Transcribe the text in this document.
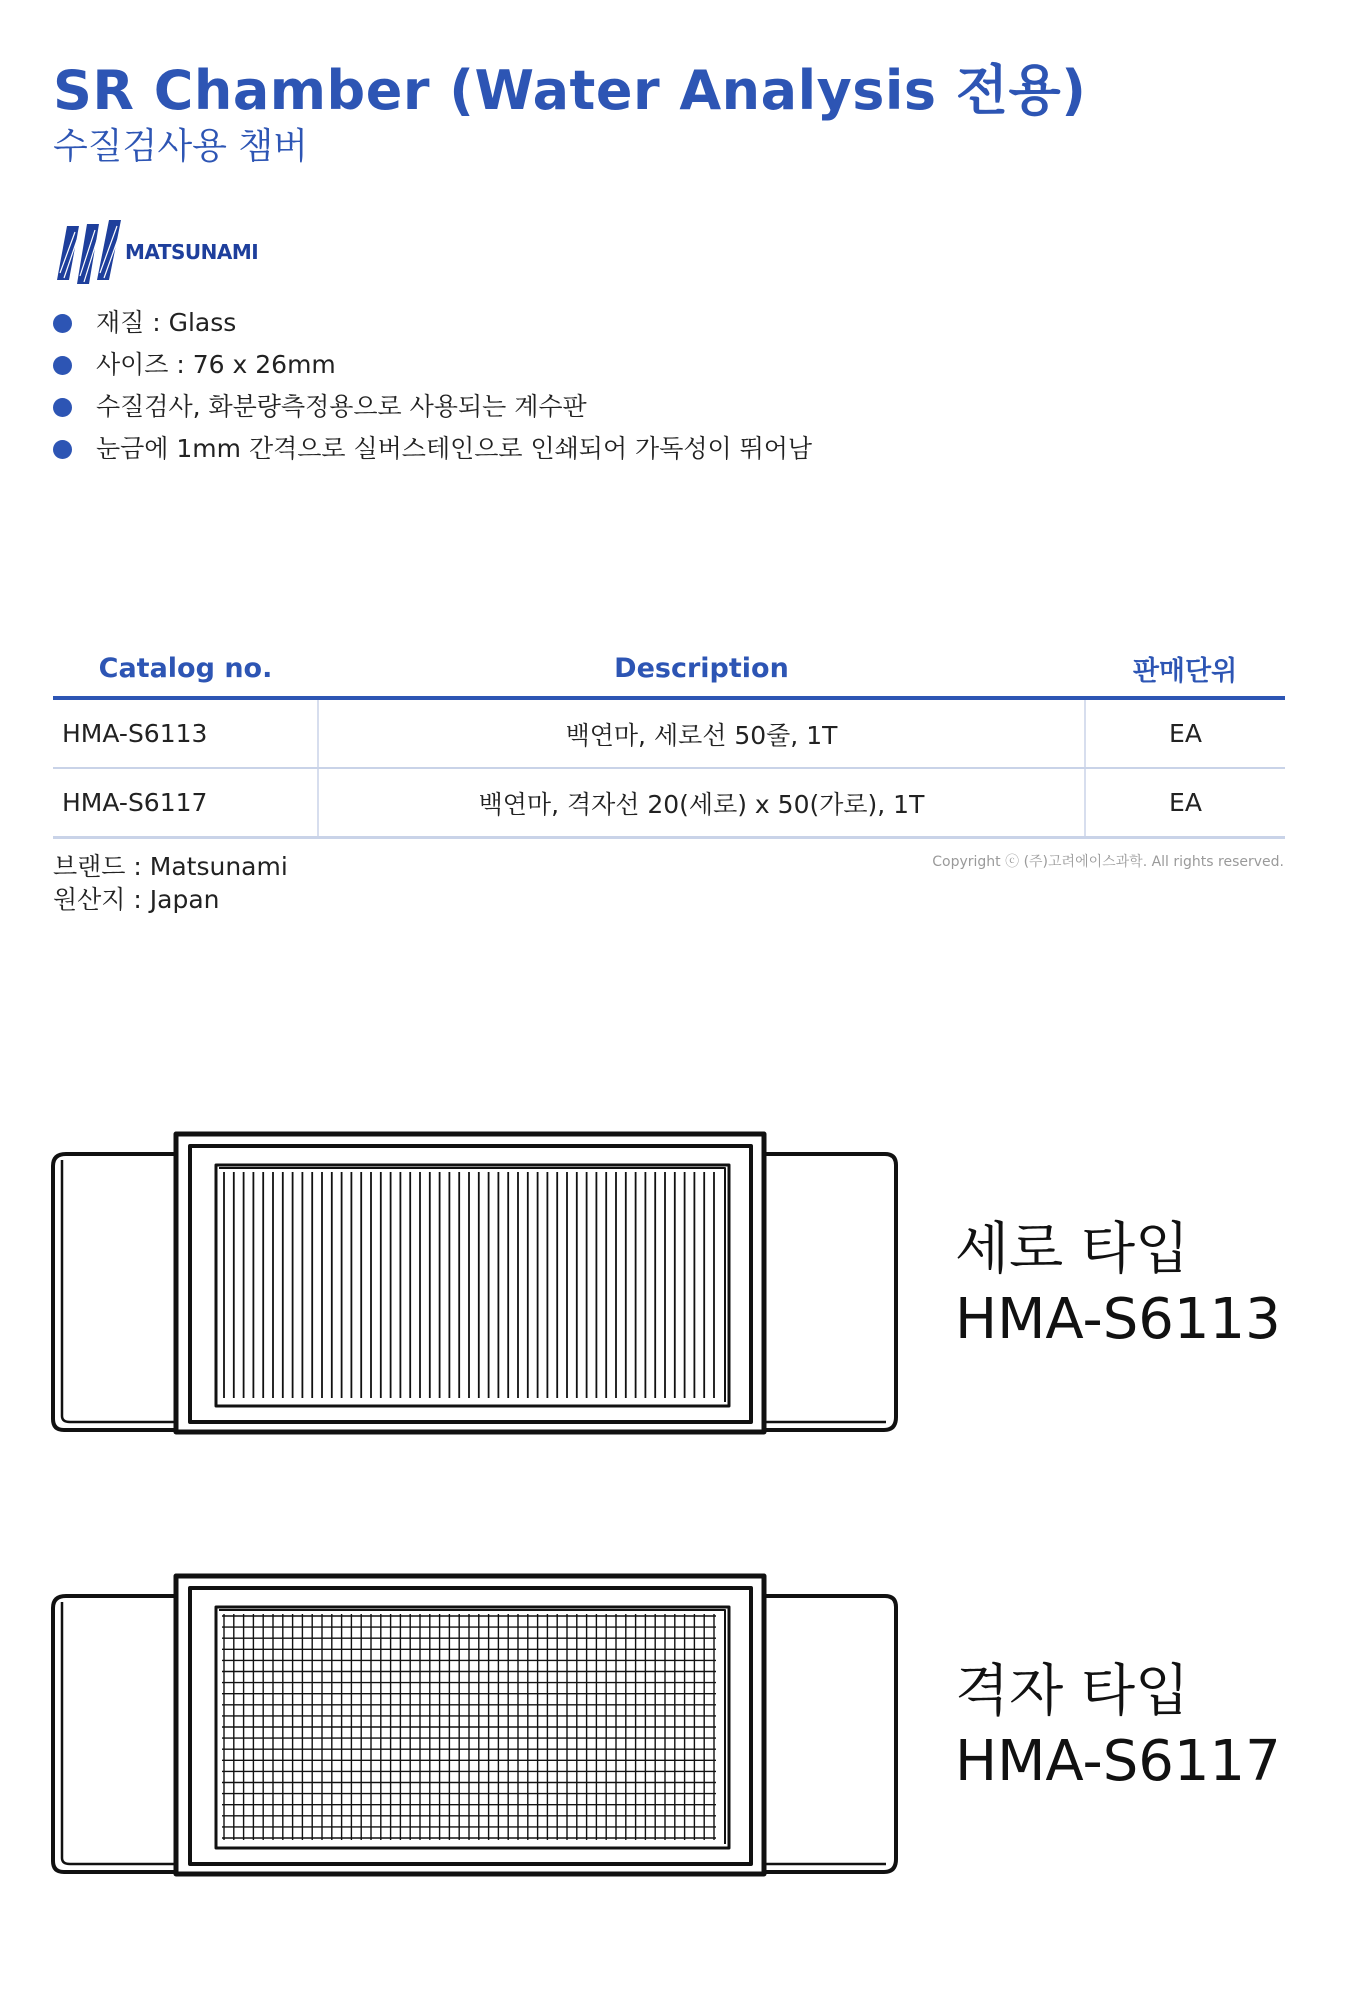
SR Chamber (Water Analysis 전용)
수질검사용 챔버
MATSUNAMI
재질 : Glass
사이즈 : 76 x 26mm
수질검사, 화분량측정용으로 사용되는 계수판
눈금에 1mm 간격으로 실버스테인으로 인쇄되어 가독성이 뛰어남
Catalog no.	Description	판매단위
HMA-S6113	백연마, 세로선 50줄, 1T	EA
HMA-S6117	백연마, 격자선 20(세로) x 50(가로), 1T	EA
브랜드 : Matsunami
원산지 : Japan
Copyright ⓒ (주)고려에이스과학. All rights reserved.
세로 타입
HMA-S6113
격자 타입
HMA-S6117
